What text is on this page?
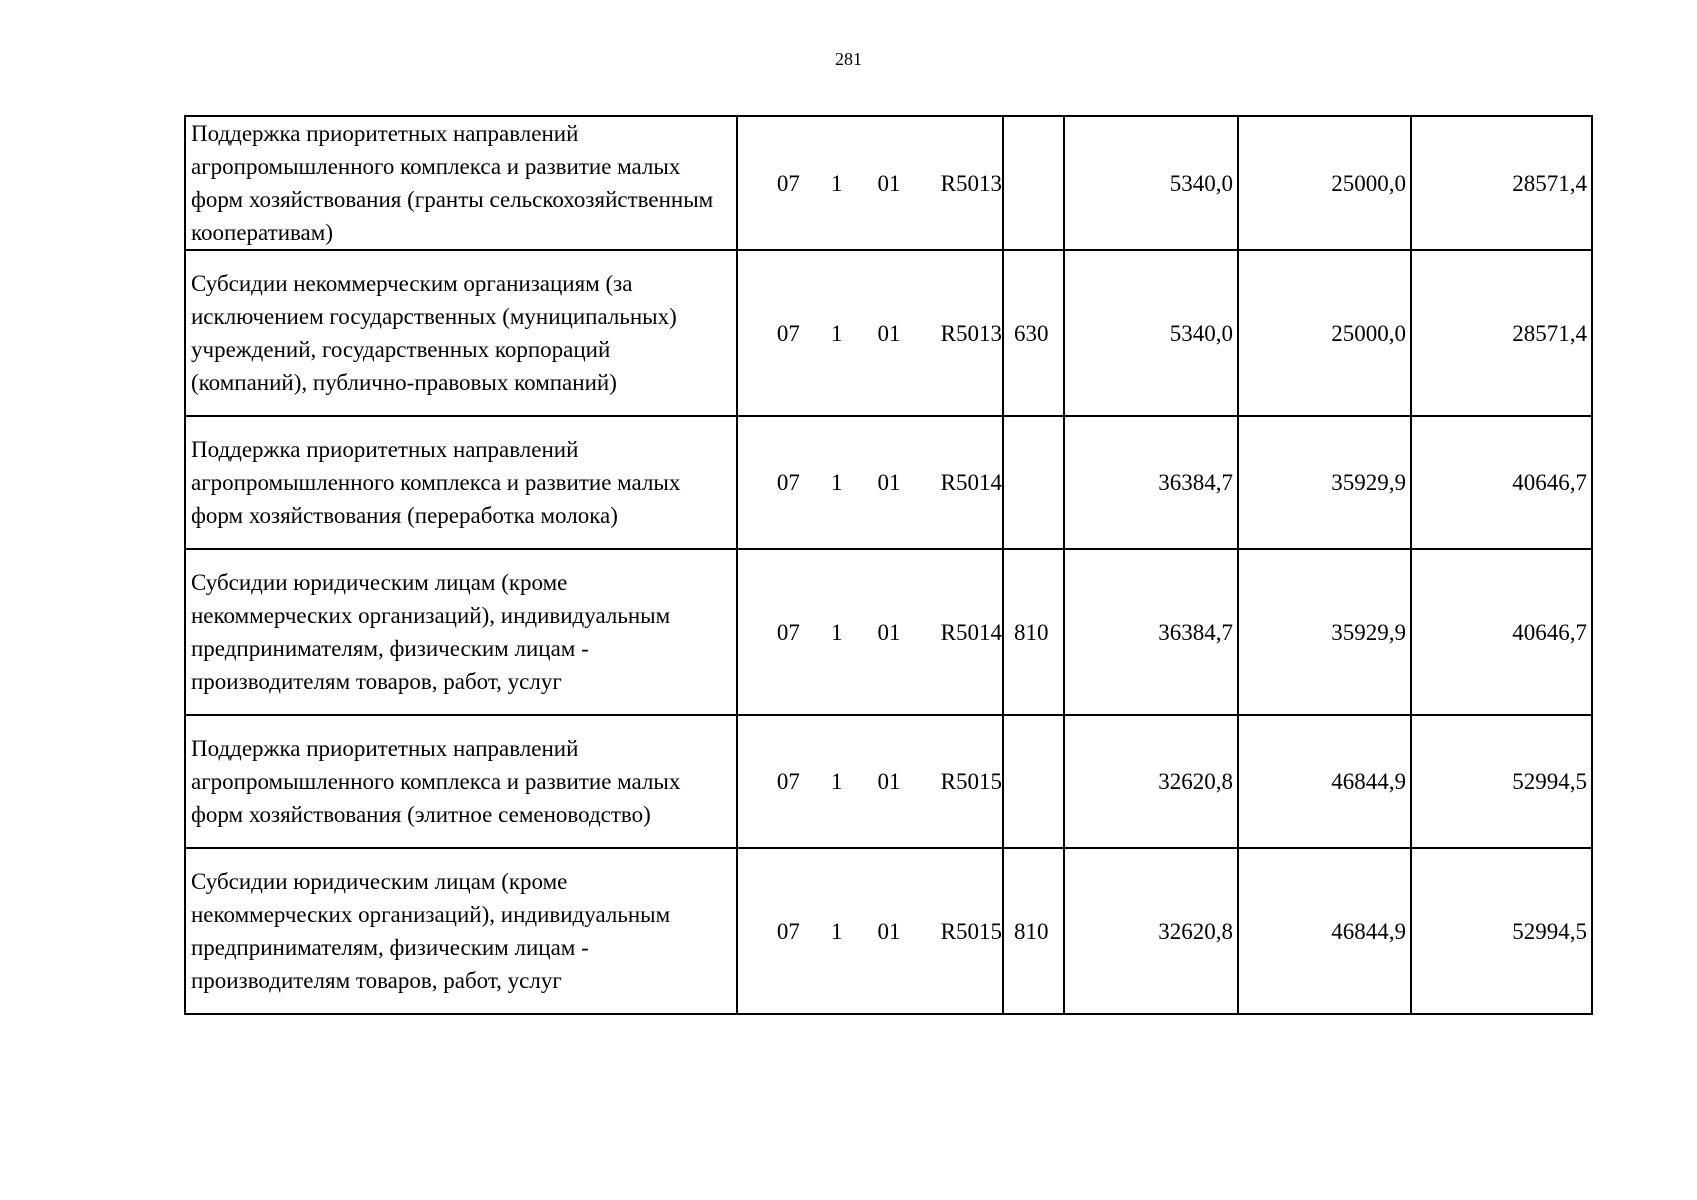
281
Поддержка приоритетных направлений агропромышленного комплекса и развитие малых форм хозяйствования (гранты сельскохозяйственным кооперативам)	07 1 01 R5013		5340,0	25000,0	28571,4
Субсидии некоммерческим организациям (за исключением государственных (муниципальных) учреждений, государственных корпораций (компаний), публично-правовых компаний)	07 1 01 R5013	630	5340,0	25000,0	28571,4
Поддержка приоритетных направлений агропромышленного комплекса и развитие малых форм хозяйствования (переработка молока)	07 1 01 R5014		36384,7	35929,9	40646,7
Субсидии юридическим лицам (кроме некоммерческих организаций), индивидуальным предпринимателям, физическим лицам - производителям товаров, работ, услуг	07 1 01 R5014	810	36384,7	35929,9	40646,7
Поддержка приоритетных направлений агропромышленного комплекса и развитие малых форм хозяйствования (элитное семеноводство)	07 1 01 R5015		32620,8	46844,9	52994,5
Субсидии юридическим лицам (кроме некоммерческих организаций), индивидуальным предпринимателям, физическим лицам - производителям товаров, работ, услуг	07 1 01 R5015	810	32620,8	46844,9	52994,5
